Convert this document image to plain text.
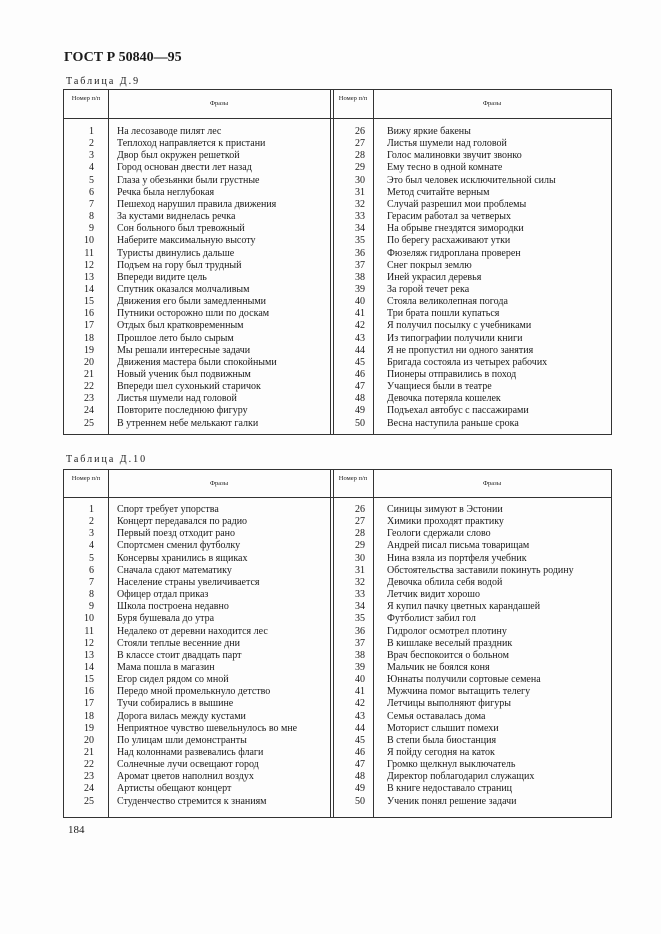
ГОСТ Р 50840—95
Таблица Д.9
Номер п/п
Фразы
Номер п/п
Фразы
1 На лесозаводе пилят лес	26 Вижу яркие бакены
2 Теплоход направляется к пристани	27 Листья шумели над головой
3 Двор был окружен решеткой	28 Голос малиновки звучит звонко
4 Город основан двести лет назад	29 Ему тесно в одной комнате
5 Глаза у обезьянки были грустные	30 Это был человек исключительной силы
6 Речка была неглубокая	31 Метод считайте верным
7 Пешеход нарушил правила движения	32 Случай разрешил мои проблемы
8 За кустами виднелась речка	33 Герасим работал за четверых
9 Сон больного был тревожный	34 На обрыве гнездятся зимородки
10 Наберите максимальную высоту	35 По берегу расхаживают утки
11 Туристы двинулись дальше	36 Фюзеляж гидроплана проверен
12 Подъем на гору был трудный	37 Снег покрыл землю
13 Впереди видите цель	38 Иней украсил деревья
14 Спутник оказался молчаливым	39 За горой течет река
15 Движения его были замедленными	40 Стояла великолепная погода
16 Путники осторожно шли по доскам	41 Три брата пошли купаться
17 Отдых был кратковременным	42 Я получил посылку с учебниками
18 Прошлое лето было сырым	43 Из типографии получили книги
19 Мы решали интересные задачи	44 Я не пропустил ни одного занятия
20 Движения мастера были спокойными	45 Бригада состояла из четырех рабочих
21 Новый ученик был подвижным	46 Пионеры отправились в поход
22 Впереди шел сухонький старичок	47 Учащиеся были в театре
23 Листья шумели над головой	48 Девочка потеряла кошелек
24 Повторите последнюю фигуру	49 Подъехал автобус с пассажирами
25 В утреннем небе мелькают галки	50 Весна наступила раньше срока
Таблица Д.10
Номер п/п
Фразы
Номер п/п
Фразы
1 Спорт требует упорства	26 Синицы зимуют в Эстонии
2 Концерт передавался по радио	27 Химики проходят практику
3 Первый поезд отходит рано	28 Геологи сдержали слово
4 Спортсмен сменил футболку	29 Андрей писал письма товарищам
5 Консервы хранились в ящиках	30 Нина взяла из портфеля учебник
6 Сначала сдают математику	31 Обстоятельства заставили покинуть родину
7 Население страны увеличивается	32 Девочка облила себя водой
8 Офицер отдал приказ	33 Летчик видит хорошо
9 Школа построена недавно	34 Я купил пачку цветных карандашей
10 Буря бушевала до утра	35 Футболист забил гол
11 Недалеко от деревни находится лес	36 Гидролог осмотрел плотину
12 Стояли теплые весенние дни	37 В кишлаке веселый праздник
13 В классе стоит двадцать парт	38 Врач беспокоится о больном
14 Мама пошла в магазин	39 Мальчик не боялся коня
15 Егор сидел рядом со мной	40 Юннаты получили сортовые семена
16 Передо мной промелькнуло детство	41 Мужчина помог вытащить телегу
17 Тучи собирались в вышине	42 Летчицы выполняют фигуры
18 Дорога вилась между кустами	43 Семья оставалась дома
19 Неприятное чувство шевельнулось во мне	44 Моторист слышит помехи
20 По улицам шли демонстранты	45 В степи была биостанция
21 Над колоннами развевались флаги	46 Я пойду сегодня на каток
22 Солнечные лучи освещают город	47 Громко щелкнул выключатель
23 Аромат цветов наполнил воздух	48 Директор поблагодарил служащих
24 Артисты обещают концерт	49 В книге недоставало страниц
25 Студенчество стремится к знаниям	50 Ученик понял решение задачи
184
